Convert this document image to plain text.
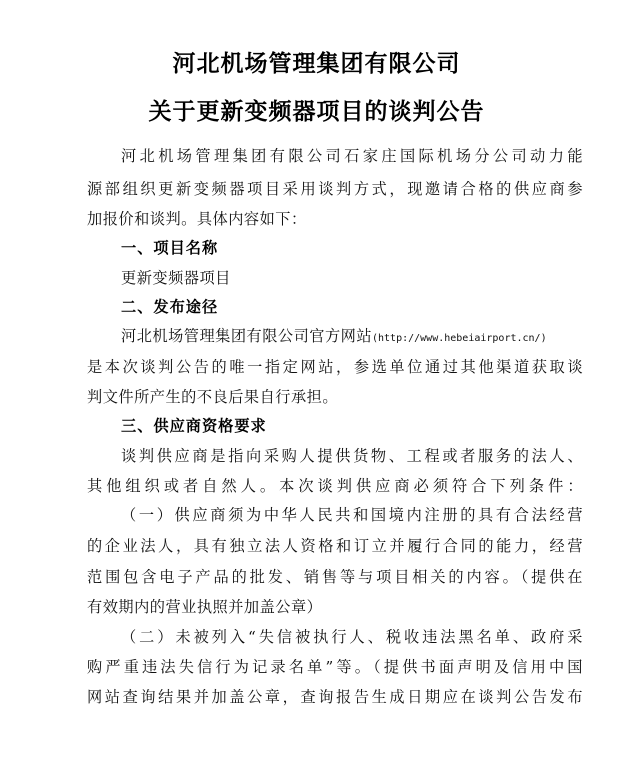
河北机场管理集团有限公司
关于更新变频器项目的谈判公告
河北机场管理集团有限公司石家庄国际机场分公司动力能
源部组织更新变频器项目采用谈判方式，现邀请合格的供应商参
加报价和谈判。具体内容如下：
一、项目名称
更新变频器项目
二、发布途径
河北机场管理集团有限公司官方网站(http://www.hebeiairport.cn/)
是本次谈判公告的唯一指定网站，参选单位通过其他渠道获取谈
判文件所产生的不良后果自行承担。
三、供应商资格要求
谈判供应商是指向采购人提供货物、工程或者服务的法人、
其他组织或者自然人。本次谈判供应商必须符合下列条件：
（一）供应商须为中华人民共和国境内注册的具有合法经营
的企业法人，具有独立法人资格和订立并履行合同的能力，经营
范围包含电子产品的批发、销售等与项目相关的内容。（提供在
有效期内的营业执照并加盖公章）
（二）未被列入“失信被执行人、税收违法黑名单、政府采
购严重违法失信行为记录名单”等。（提供书面声明及信用中国
网站查询结果并加盖公章，查询报告生成日期应在谈判公告发布
